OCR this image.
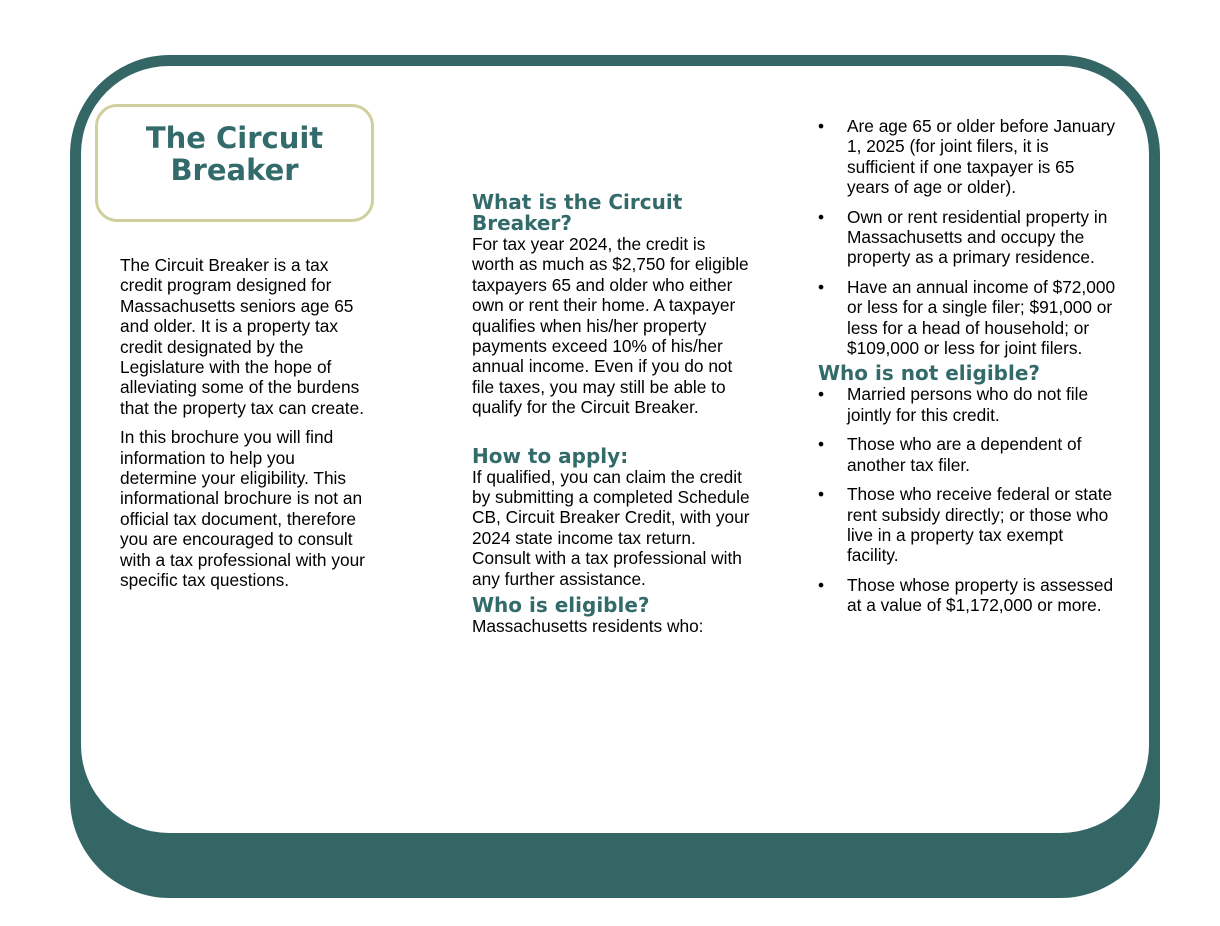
The Circuit
Breaker

The Circuit Breaker is a tax credit program designed for Massachusetts seniors age 65 and older. It is a property tax credit designated by the Legislature with the hope of alleviating some of the burdens that the property tax can create.

In this brochure you will find information to help you determine your eligibility. This informational brochure is not an official tax document, therefore you are encouraged to consult with a tax professional with your specific tax questions.

What is the Circuit Breaker?

For tax year 2024, the credit is worth as much as $2,750 for eligible taxpayers 65 and older who either own or rent their home. A taxpayer qualifies when his/her property payments exceed 10% of his/her annual income. Even if you do not file taxes, you may still be able to qualify for the Circuit Breaker.

How to apply:

If qualified, you can claim the credit by submitting a completed Schedule CB, Circuit Breaker Credit, with your 2024 state income tax return. Consult with a tax professional with any further assistance.

Who is eligible?

Massachusetts residents who:

•	Are age 65 or older before January 1, 2025 (for joint filers, it is sufficient if one taxpayer is 65 years of age or older).
•	Own or rent residential property in Massachusetts and occupy the property as a primary residence.
•	Have an annual income of $72,000 or less for a single filer; $91,000 or less for a head of household; or $109,000 or less for joint filers.
Who is not eligible?
•	Married persons who do not file jointly for this credit.
•	Those who are a dependent of another tax filer.
•	Those who receive federal or state rent subsidy directly; or those who live in a property tax exempt facility.
•	Those whose property is assessed at a value of $1,172,000 or more.
